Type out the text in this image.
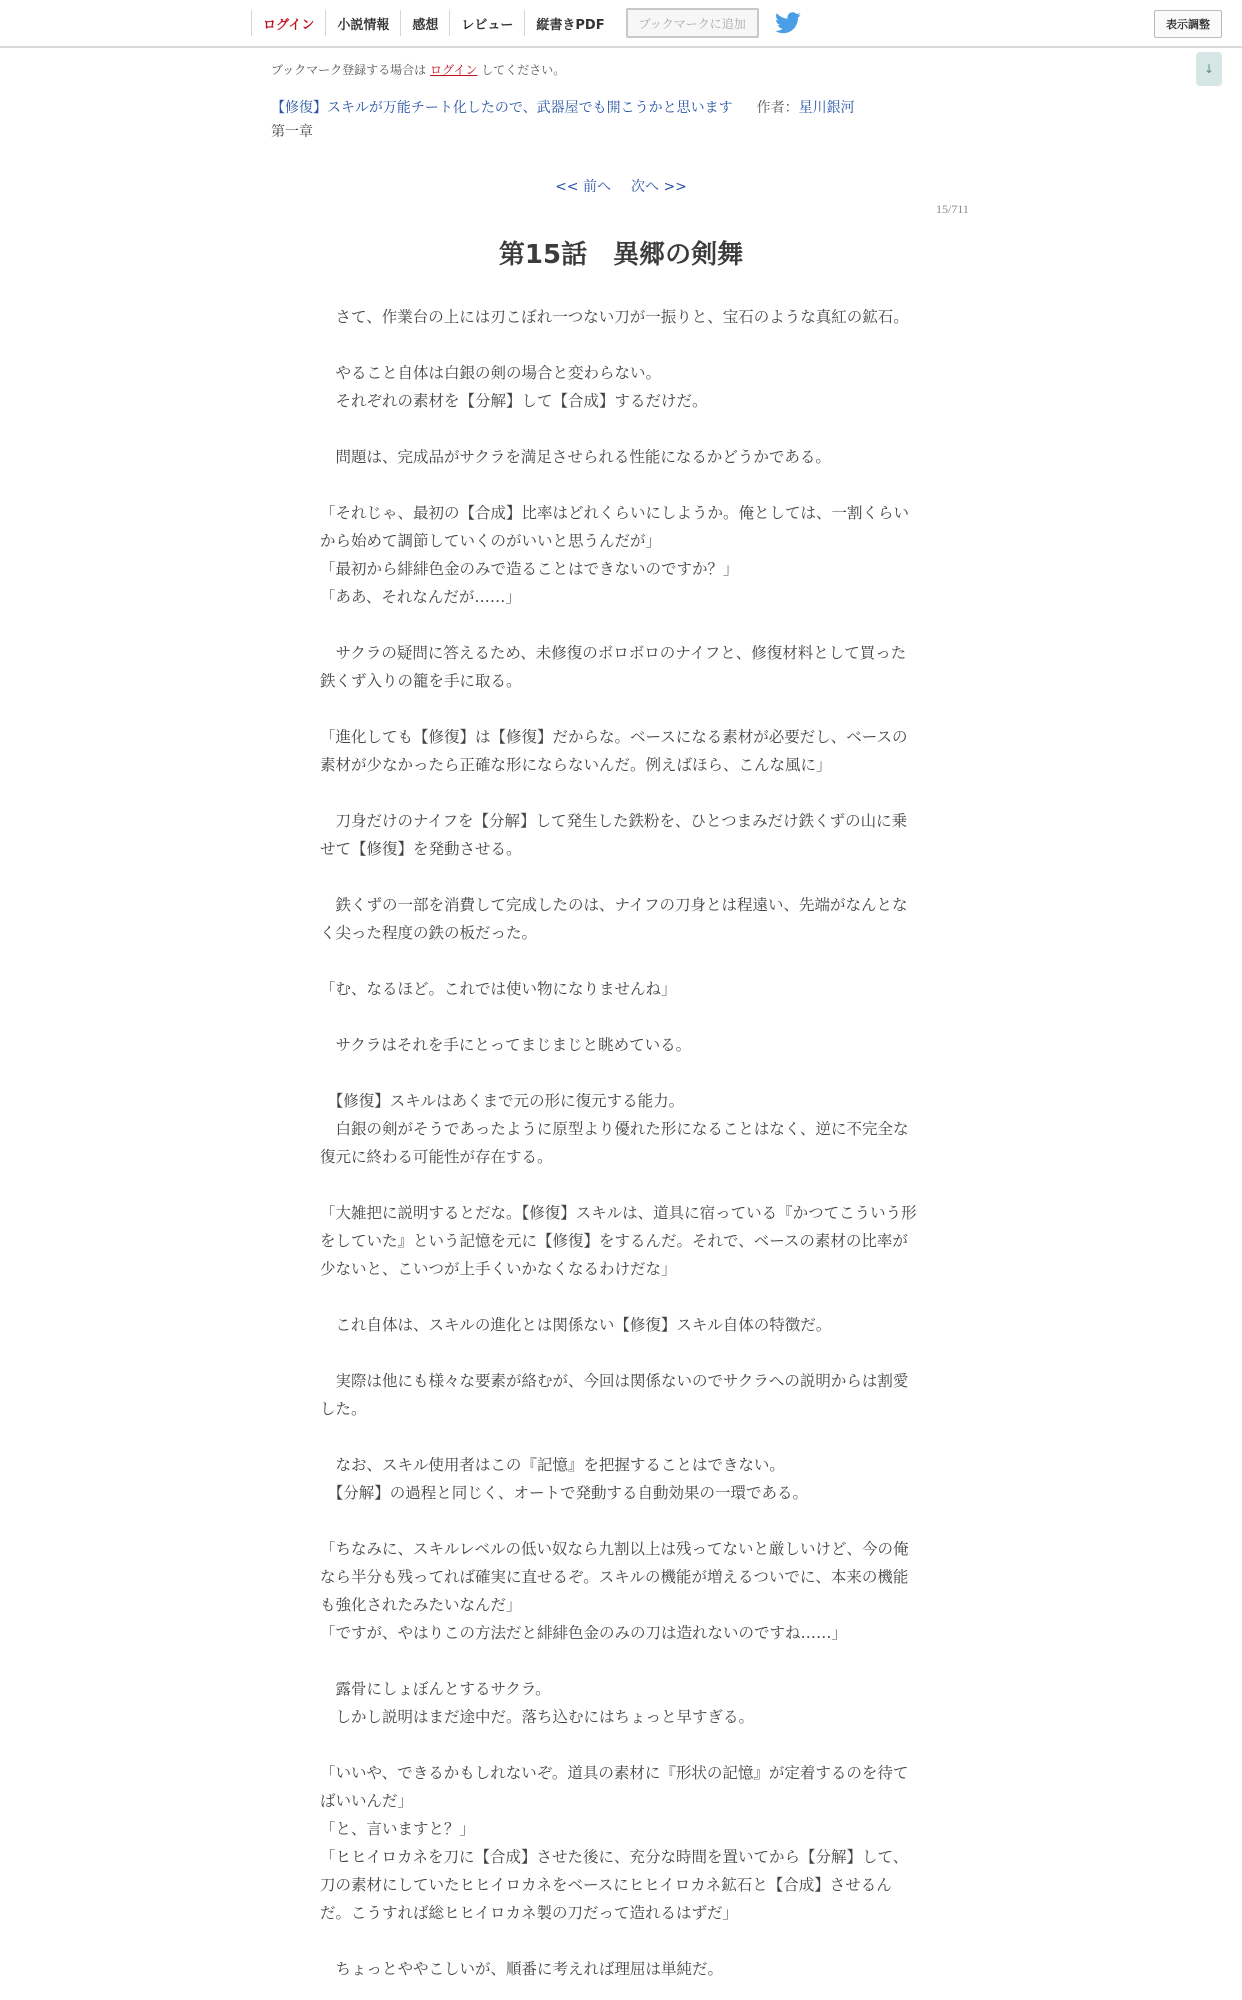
ログイン	小説情報	感想	レビュー	縦書きPDF	ブックマークに追加	表示調整
↓
ブックマーク登録する場合は ログイン してください。
【修復】スキルが万能チート化したので、武器屋でも開こうかと思います 作者：星川銀河
第一章
<< 前へ 次へ >>
15/711
第15話　異郷の剣舞

　さて、作業台の上には刃こぼれ一つない刀が一振りと、宝石のような真紅の鉱石。

　やること自体は白銀の剣の場合と変わらない。

　それぞれの素材を【分解】して【合成】するだけだ。

　問題は、完成品がサクラを満足させられる性能になるかどうかである。

「それじゃ、最初の【合成】比率はどれくらいにしようか。俺としては、一割くらいから始めて調節していくのがいいと思うんだが」

「最初から緋緋色金のみで造ることはできないのですか？」

「ああ、それなんだが……」

　サクラの疑問に答えるため、未修復のボロボロのナイフと、修復材料として買った鉄くず入りの籠を手に取る。

「進化しても【修復】は【修復】だからな。ベースになる素材が必要だし、ベースの素材が少なかったら正確な形にならないんだ。例えばほら、こんな風に」

　刀身だけのナイフを【分解】して発生した鉄粉を、ひとつまみだけ鉄くずの山に乗せて【修復】を発動させる。

　鉄くずの一部を消費して完成したのは、ナイフの刀身とは程遠い、先端がなんとなく尖った程度の鉄の板だった。

「む、なるほど。これでは使い物になりませんね」

　サクラはそれを手にとってまじまじと眺めている。

　【修復】スキルはあくまで元の形に復元する能力。

　白銀の剣がそうであったように原型より優れた形になることはなく、逆に不完全な復元に終わる可能性が存在する。

「大雑把に説明するとだな。【修復】スキルは、道具に宿っている『かつてこういう形をしていた』という記憶を元に【修復】をするんだ。それで、ベースの素材の比率が少ないと、こいつが上手くいかなくなるわけだな」

　これ自体は、スキルの進化とは関係ない【修復】スキル自体の特徴だ。

　実際は他にも様々な要素が絡むが、今回は関係ないのでサクラへの説明からは割愛した。

　なお、スキル使用者はこの『記憶』を把握することはできない。

　【分解】の過程と同じく、オートで発動する自動効果の一環である。

「ちなみに、スキルレベルの低い奴なら九割以上は残ってないと厳しいけど、今の俺なら半分も残ってれば確実に直せるぞ。スキルの機能が増えるついでに、本来の機能も強化されたみたいなんだ」

「ですが、やはりこの方法だと緋緋色金のみの刀は造れないのですね……」

　露骨にしょぼんとするサクラ。

　しかし説明はまだ途中だ。落ち込むにはちょっと早すぎる。

「いいや、できるかもしれないぞ。道具の素材に『形状の記憶』が定着するのを待てばいいんだ」

「と、言いますと？」

「ヒヒイロカネを刀に【合成】させた後に、充分な時間を置いてから【分解】して、刀の素材にしていたヒヒイロカネをベースにヒヒイロカネ鉱石と【合成】させるんだ。こうすれば総ヒヒイロカネ製の刀だって造れるはずだ」

　ちょっとややこしいが、順番に考えれば理屈は単純だ。
